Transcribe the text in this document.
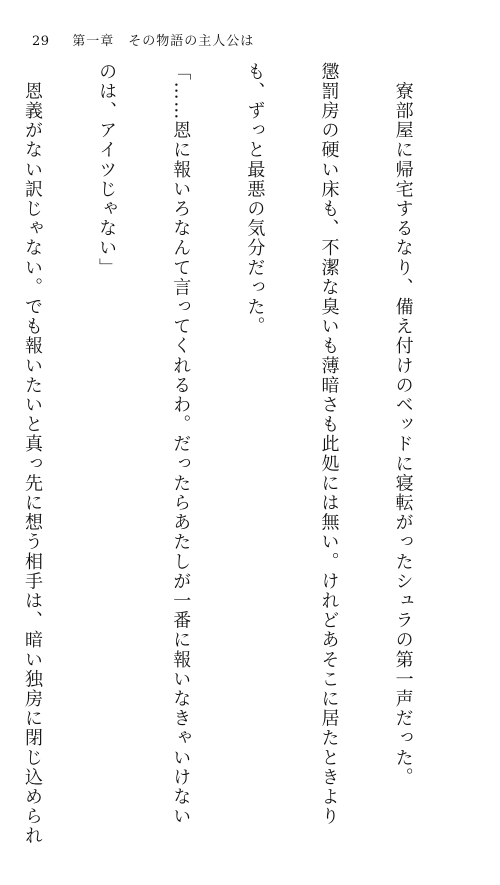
29 第一章　その物語の主人公は

　寮部屋に帰宅するなり、備え付けのベッドに寝転がったシュラの第一声だった。

懲罰房の硬い床も、不潔な臭いも薄暗さも此処には無い。けれどあそこに居たときより

も、ずっと最悪の気分だった。

「……恩に報いろなんて言ってくれるわ。だったらあたしが一番に報いなきゃいけない

のは、アイツじゃない」

　恩義がない訳じゃない。でも報いたいと真っ先に想う相手は、暗い独房に閉じ込められ
